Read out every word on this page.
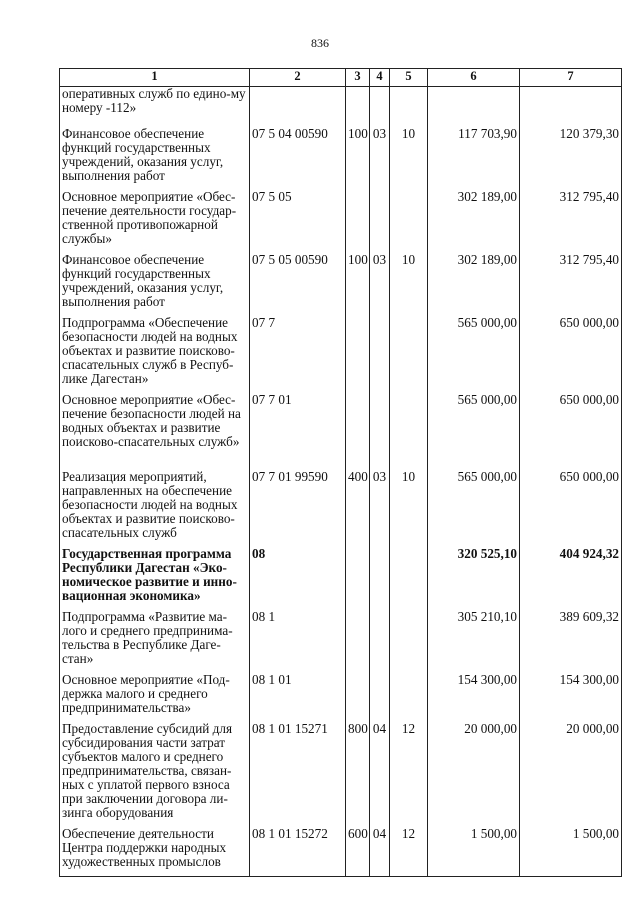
836
1	2	3	4	5	6	7
оперативных служб по едино-му номеру -112»						
Финансовое обеспечение функций государственных учреждений, оказания услуг, выполнения работ	07 5 04 00590	100	03	10	117 703,90	120 379,30
Основное мероприятие «Обес-печение деятельности государ-ственной противопожарной службы»	07 5 05				302 189,00	312 795,40
Финансовое обеспечение функций государственных учреждений, оказания услуг, выполнения работ	07 5 05 00590	100	03	10	302 189,00	312 795,40
Подпрограмма «Обеспечение безопасности людей на водных объектах и развитие поисково-спасательных служб в Респуб-лике Дагестан»	07 7				565 000,00	650 000,00
Основное мероприятие «Обес-печение безопасности людей на водных объектах и развитие поисково-спасательных служб»	07 7 01				565 000,00	650 000,00
Реализация мероприятий, направленных на обеспечение безопасности людей на водных объектах и развитие поисково-спасательных служб	07 7 01 99590	400	03	10	565 000,00	650 000,00
Государственная программа Республики Дагестан «Эко-номическое развитие и инно-вационная экономика»	08				320 525,10	404 924,32
Подпрограмма «Развитие ма-лого и среднего предпринима-тельства в Республике Даге-стан»	08 1				305 210,10	389 609,32
Основное мероприятие «Под-держка малого и среднего предпринимательства»	08 1 01				154 300,00	154 300,00
Предоставление субсидий для субсидирования части затрат субъектов малого и среднего предпринимательства, связан-ных с уплатой первого взноса при заключении договора ли-зинга оборудования	08 1 01 15271	800	04	12	20 000,00	20 000,00
Обеспечение деятельности Центра поддержки народных художественных промыслов	08 1 01 15272	600	04	12	1 500,00	1 500,00
